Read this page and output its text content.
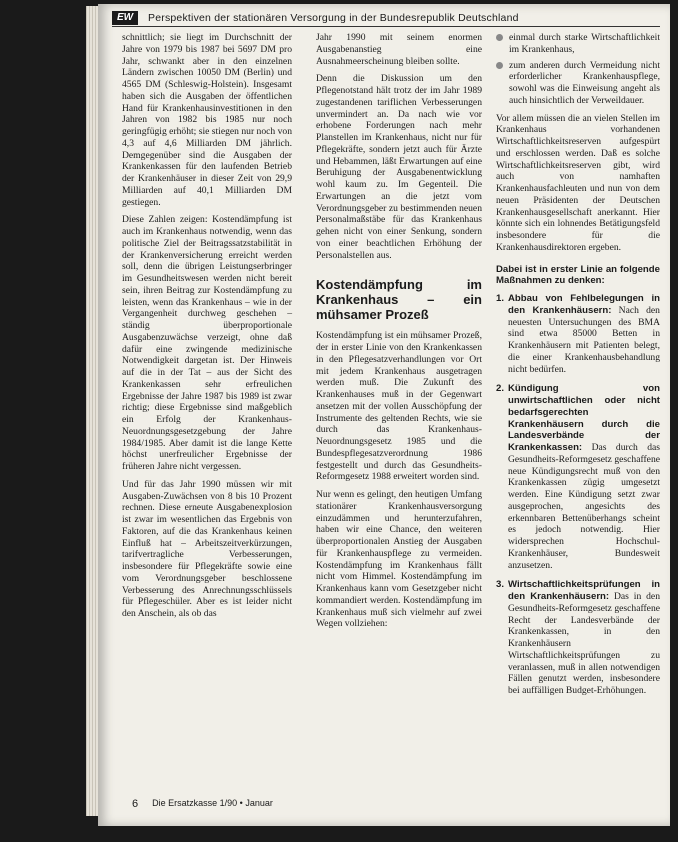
EW	Perspektiven der stationären Versorgung in der Bundesrepublik Deutschland

schnittlich; sie liegt im Durchschnitt der Jahre von 1979 bis 1987 bei 5697 DM pro Jahr, schwankt aber in den einzelnen Ländern zwischen 10050 DM (Berlin) und 4565 DM (Schleswig-Holstein). Insgesamt haben sich die Ausgaben der öffentlichen Hand für Krankenhausinvestitionen in den Jahren von 1982 bis 1985 nur noch geringfügig erhöht; sie stiegen nur noch von 4,3 auf 4,6 Milliarden DM jährlich. Demgegenüber sind die Ausgaben der Krankenkassen für den laufenden Betrieb der Krankenhäuser in dieser Zeit von 29,9 Milliarden auf 40,1 Milliarden DM gestiegen.

Diese Zahlen zeigen: Kostendämpfung ist auch im Krankenhaus notwendig, wenn das politische Ziel der Beitragssatzstabilität in der Krankenversicherung erreicht werden soll, denn die übrigen Leistungserbringer im Gesundheitswesen werden nicht bereit sein, ihren Beitrag zur Kostendämpfung zu leisten, wenn das Krankenhaus – wie in der Vergangenheit durchweg geschehen – ständig überproportionale Ausgabenzuwächse verzeigt, ohne daß dafür eine zwingende medizinische Notwendigkeit dargetan ist. Der Hinweis auf die in der Tat – aus der Sicht des Krankenkassen sehr erfreulichen Ergebnisse der Jahre 1987 bis 1989 ist zwar richtig; diese Ergebnisse sind maßgeblich ein Erfolg der Krankenhaus-Neuordnungsgesetzgebung der Jahre 1984/1985. Aber damit ist die lange Kette höchst unerfreulicher Ergebnisse der früheren Jahre nicht vergessen.

Und für das Jahr 1990 müssen wir mit Ausgaben-Zuwächsen von 8 bis 10 Prozent rechnen. Diese erneute Ausgabenexplosion ist zwar im wesentlichen das Ergebnis von Faktoren, auf die das Krankenhaus keinen Einfluß hat – Arbeitszeitverkürzungen, tarifvertragliche Verbesserungen, insbesondere für Pflegekräfte sowie eine vom Verordnungsgeber beschlossene Verbesserung des Anrechnungsschlüssels für Pflegeschüler. Aber es ist leider nicht den Anschein, als ob das

Jahr 1990 mit seinem enormen Ausgabenanstieg eine Ausnahmeerscheinung bleiben sollte.

Denn die Diskussion um den Pflegenotstand hält trotz der im Jahr 1989 zugestandenen tariflichen Verbesserungen unvermindert an. Da nach wie vor erhobene Forderungen nach mehr Planstellen im Krankenhaus, nicht nur für Pflegekräfte, sondern jetzt auch für Ärzte und Hebammen, läßt Erwartungen auf eine Beruhigung der Ausgabenentwicklung wohl kaum zu. Im Gegenteil. Die Erwartungen an die jetzt vom Verordnungsgeber zu bestimmenden neuen Personalmaßstäbe für das Krankenhaus gehen nicht von einer Senkung, sondern von einer beachtlichen Erhöhung der Personalstellen aus.

Kostendämpfung im Krankenhaus – ein mühsamer Prozeß

Kostendämpfung ist ein mühsamer Prozeß, der in erster Linie von den Krankenkassen in den Pflegesatzverhandlungen vor Ort mit jedem Krankenhaus ausgetragen werden muß. Die Zukunft des Krankenhauses muß in der Gegenwart ansetzen mit der vollen Ausschöpfung der Instrumente des geltenden Rechts, wie sie durch das Krankenhaus-Neuordnungsgesetz 1985 und die Bundespflegesatzverordnung 1986 festgestellt und durch das Gesundheits-Reformgesetz 1988 erweitert worden sind.

Nur wenn es gelingt, den heutigen Umfang stationärer Krankenhausversorgung einzudämmen und herunterzufahren, haben wir eine Chance, den weiteren überproportionalen Anstieg der Ausgaben für Krankenhauspflege zu vermeiden. Kostendämpfung im Krankenhaus fällt nicht vom Himmel. Kostendämpfung im Krankenhaus kann vom Gesetzgeber nicht kommandiert werden. Kostendämpfung im Krankenhaus muß sich vielmehr auf zwei Wegen vollziehen:

einmal durch starke Wirtschaftlichkeit im Krankenhaus,
zum anderen durch Vermeidung nicht erforderlicher Krankenhauspflege, sowohl was die Einweisung angeht als auch hinsichtlich der Verweildauer.

Vor allem müssen die an vielen Stellen im Krankenhaus vorhandenen Wirtschaftlichkeitsreserven aufgespürt und erschlossen werden. Daß es solche Wirtschaftlichkeitsreserven gibt, wird auch von namhaften Krankenhausfachleuten und nun von dem neuen Präsidenten der Deutschen Krankenhausgesellschaft anerkannt. Hier könnte sich ein lohnendes Betätigungsfeld insbesondere für die Krankenhausdirektoren ergeben.

Dabei ist in erster Linie an folgende Maßnahmen zu denken:
1. Abbau von Fehlbelegungen in den Krankenhäusern: Nach den neuesten Untersuchungen des BMA sind etwa 85000 Betten in Krankenhäusern mit Patienten belegt, die einer Krankenhausbehandlung nicht bedürfen.
2. Kündigung von unwirtschaftlichen oder nicht bedarfsgerechten Krankenhäusern durch die Landesverbände der Krankenkassen: Das durch das Gesundheits-Reformgesetz geschaffene neue Kündigungsrecht muß von den Krankenkassen zügig umgesetzt werden. Eine Kündigung setzt zwar ausgeprochen, angesichts des erkennbaren Bettenüberhangs scheint es jedoch notwendig. Hier widersprechen Hochschul-Krankenhäuser, Bundesweit anzusetzen.
3. Wirtschaftlichkeitsprüfungen in den Krankenhäusern: Das in den Gesundheits-Reformgesetz geschaffene Recht der Landesverbände der Krankenkassen, in den Krankenhäusern Wirtschaftlichkeitsprüfungen zu veranlassen, muß in allen notwendigen Fällen genutzt werden, insbesondere bei auffälligen Budget-Erhöhungen.
6 Die Ersatzkasse 1/90 • Januar
